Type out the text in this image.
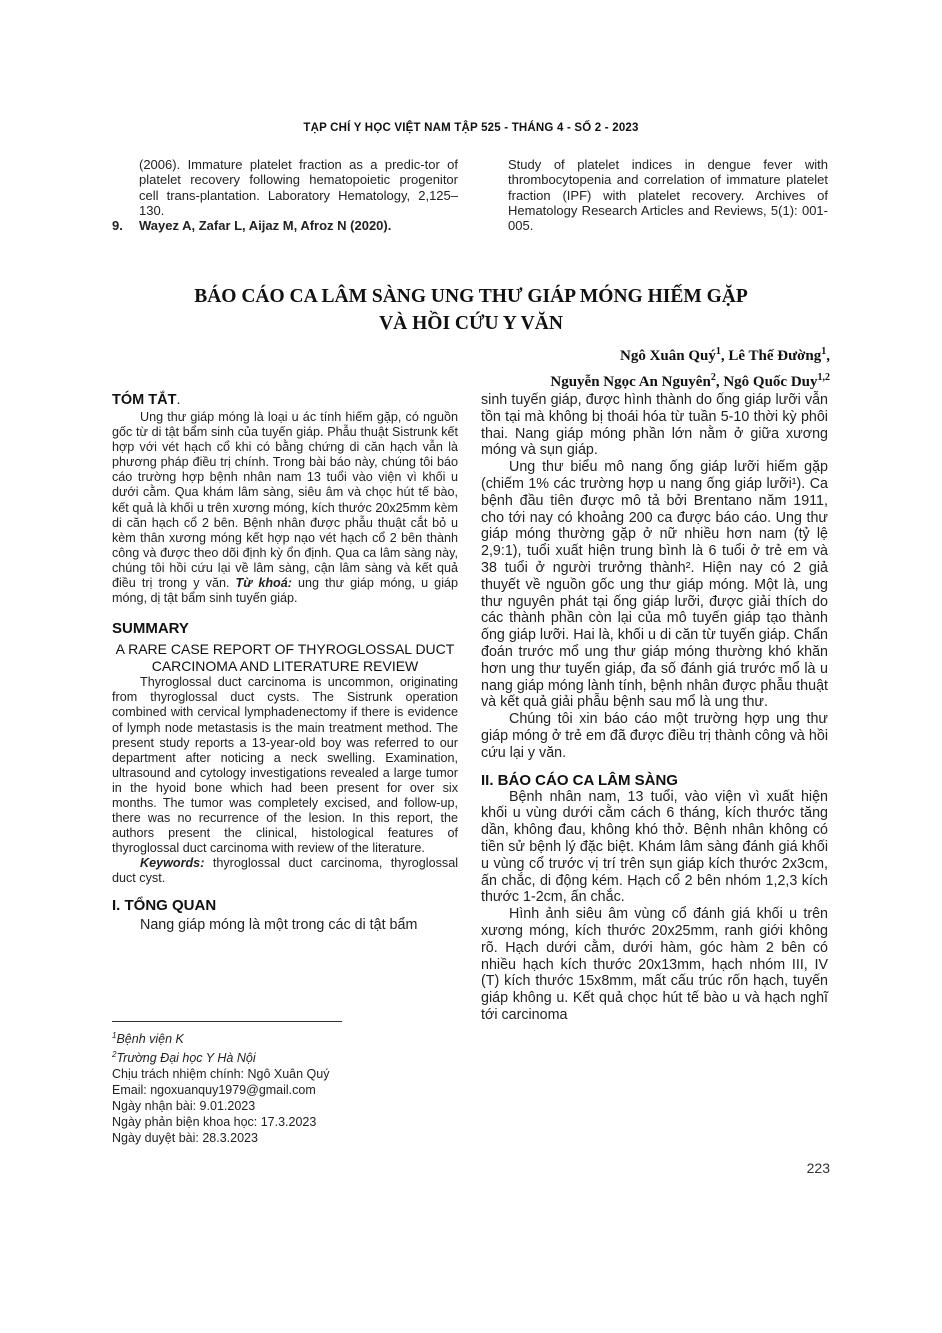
TẠP CHÍ Y HỌC VIỆT NAM TẬP 525 - THÁNG 4 - SỐ 2 - 2023
(2006). Immature platelet fraction as a predic-tor of platelet recovery following hematopoietic progenitor cell trans-plantation. Laboratory Hematology, 2,125–130.
9.	Wayez A, Zafar L, Aijaz M, Afroz N (2020).
Study of platelet indices in dengue fever with thrombocytopenia and correlation of immature platelet fraction (IPF) with platelet recovery. Archives of Hematology Research Articles and Reviews, 5(1): 001-005.
BÁO CÁO CA LÂM SÀNG UNG THƯ GIÁP MÓNG HIẾM GẶP
VÀ HỒI CỨU Y VĂN
Ngô Xuân Quý$^1$, Lê Thế Đường$^1$,
Nguyễn Ngọc An Nguyên$^2$, Ngô Quốc Duy$^{1,2}$
TÓM TẮT.
Ung thư giáp móng là loại u ác tính hiếm gặp, có nguồn gốc từ di tật bẩm sinh của tuyến giáp. Phẫu thuật Sistrunk kết hợp với vét hạch cổ khi có bằng chứng di căn hạch vẫn là phương pháp điều trị chính. Trong bài báo này, chúng tôi báo cáo trường hợp bệnh nhân nam 13 tuổi vào viện vì khối u dưới cằm. Qua khám lâm sàng, siêu âm và chọc hút tế bào, kết quả là khối u trên xương móng, kích thước 20x25mm kèm di căn hạch cổ 2 bên. Bệnh nhân được phẫu thuật cắt bỏ u kèm thân xương móng kết hợp nạo vét hạch cổ 2 bên thành công và được theo dõi định kỳ ổn định. Qua ca lâm sàng này, chúng tôi hồi cứu lại về lâm sàng, cận lâm sàng và kết quả điều trị trong y văn. Từ khoá: ung thư giáp móng, u giáp móng, dị tật bẩm sinh tuyến giáp.
SUMMARY
A RARE CASE REPORT OF THYROGLOSSAL DUCT CARCINOMA AND LITERATURE REVIEW
Thyroglossal duct carcinoma is uncommon, originating from thyroglossal duct cysts. The Sistrunk operation combined with cervical lymphadenectomy if there is evidence of lymph node metastasis is the main treatment method. The present study reports a 13-year-old boy was referred to our department after noticing a neck swelling. Examination, ultrasound and cytology investigations revealed a large tumor in the hyoid bone which had been present for over six months. The tumor was completely excised, and follow-up, there was no recurrence of the lesion. In this report, the authors present the clinical, histological features of thyroglossal duct carcinoma with review of the literature.
Keywords: thyroglossal duct carcinoma, thyroglossal duct cyst.
I. TỔNG QUAN
Nang giáp móng là một trong các di tật bẩm
$^1$Bệnh viện K
$^2$Trường Đại học Y Hà Nội
Chịu trách nhiệm chính: Ngô Xuân Quý
Email: ngoxuanquy1979@gmail.com
Ngày nhận bài: 9.01.2023
Ngày phản biện khoa học: 17.3.2023
Ngày duyệt bài: 28.3.2023
sinh tuyến giáp, được hình thành do ống giáp lưỡi vẫn tồn tại mà không bị thoái hóa từ tuần 5-10 thời kỳ phôi thai. Nang giáp móng phần lớn nằm ở giữa xương móng và sụn giáp.
Ung thư biểu mô nang ống giáp lưỡi hiếm gặp (chiếm 1% các trường hợp u nang ống giáp lưỡi¹). Ca bệnh đầu tiên được mô tả bởi Brentano năm 1911, cho tới nay có khoảng 200 ca được báo cáo. Ung thư giáp móng thường gặp ở nữ nhiều hơn nam (tỷ lệ 2,9:1), tuổi xuất hiện trung bình là 6 tuổi ở trẻ em và 38 tuổi ở người trưởng thành². Hiện nay có 2 giả thuyết về nguồn gốc ung thư giáp móng. Một là, ung thư nguyên phát tại ống giáp lưỡi, được giải thích do các thành phần còn lại của mô tuyến giáp tạo thành ống giáp lưỡi. Hai là, khối u di căn từ tuyến giáp. Chẩn đoán trước mổ ung thư giáp móng thường khó khăn hơn ung thư tuyến giáp, đa số đánh giá trước mổ là u nang giáp móng lành tính, bệnh nhân được phẫu thuật và kết quả giải phẫu bệnh sau mổ là ung thư.
Chúng tôi xin báo cáo một trường hợp ung thư giáp móng ở trẻ em đã được điều trị thành công và hồi cứu lại y văn.
II. BÁO CÁO CA LÂM SÀNG
Bệnh nhân nam, 13 tuổi, vào viện vì xuất hiện khối u vùng dưới cằm cách 6 tháng, kích thước tăng dần, không đau, không khó thở. Bệnh nhân không có tiền sử bệnh lý đặc biệt. Khám lâm sàng đánh giá khối u vùng cổ trước vị trí trên sụn giáp kích thước 2x3cm, ấn chắc, di động kém. Hạch cổ 2 bên nhóm 1,2,3 kích thước 1-2cm, ấn chắc.
Hình ảnh siêu âm vùng cổ đánh giá khối u trên xương móng, kích thước 20x25mm, ranh giới không rõ. Hạch dưới cằm, dưới hàm, góc hàm 2 bên có nhiều hạch kích thước 20x13mm, hạch nhóm III, IV (T) kích thước 15x8mm, mất cấu trúc rốn hạch, tuyến giáp không u. Kết quả chọc hút tế bào u và hạch nghĩ tới carcinoma
223
